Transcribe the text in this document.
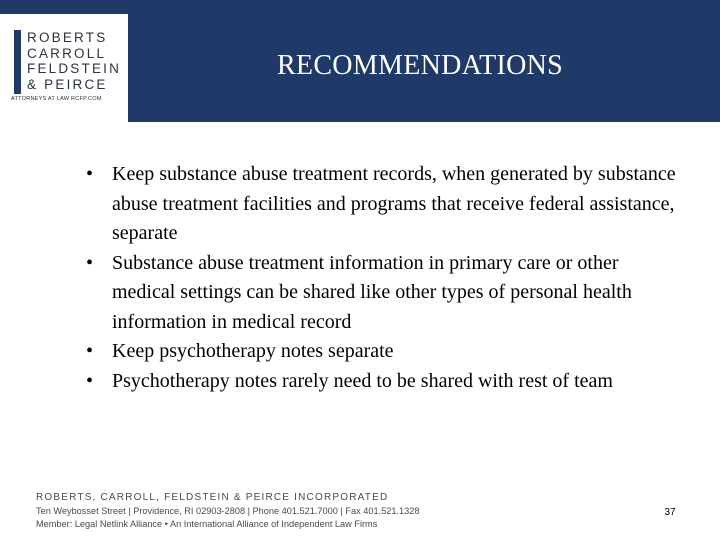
ROBERTS
CARROLL
FELDSTEIN
& PEIRCE
ATTORNEYS AT LAW RCFP.COM
RECOMMENDATIONS
• Keep substance abuse treatment records, when generated by substance abuse treatment facilities and programs that receive federal assistance, separate
• Substance abuse treatment information in primary care or other medical settings can be shared like other types of personal health information in medical record
• Keep psychotherapy notes separate
• Psychotherapy notes rarely need to be shared with rest of team
ROBERTS, CARROLL, FELDSTEIN & PEIRCE INCORPORATED
Ten Weybosset Street | Providence, RI 02903-2808 | Phone 401.521.7000 | Fax 401.521.1328
Member: Legal Netlink Alliance • An International Alliance of Independent Law Firms
37
